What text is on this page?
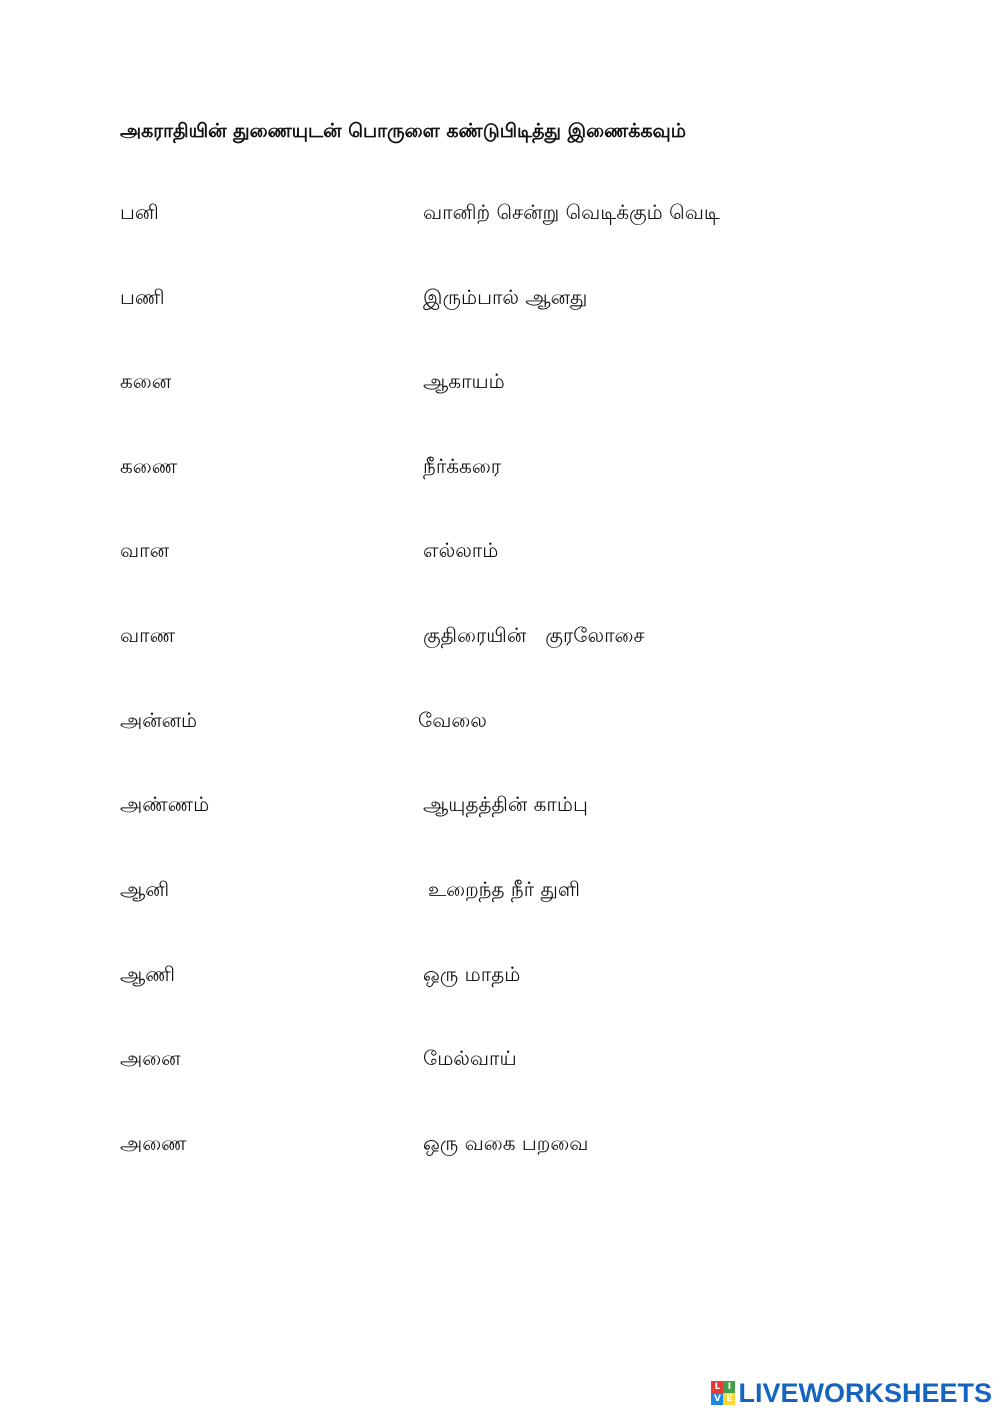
அகராதியின் துணையுடன் பொருளை கண்டுபிடித்து இணைக்கவும்
பனி	வானிற் சென்று வெடிக்கும் வெடி
பணி	இரும்பால் ஆனது
கனை	ஆகாயம்
கணை	நீர்க்கரை
வான	எல்லாம்
வாண	குதிரையின்   குரலோசை
அன்னம்	வேலை
அண்ணம்	ஆயுதத்தின் காம்பு
ஆனி	உறைந்த நீர் துளி
ஆணி	ஒரு மாதம்
அனை	மேல்வாய்
அணை	ஒரு வகை பறவை
L I
V E LIVEWORKSHEETS
